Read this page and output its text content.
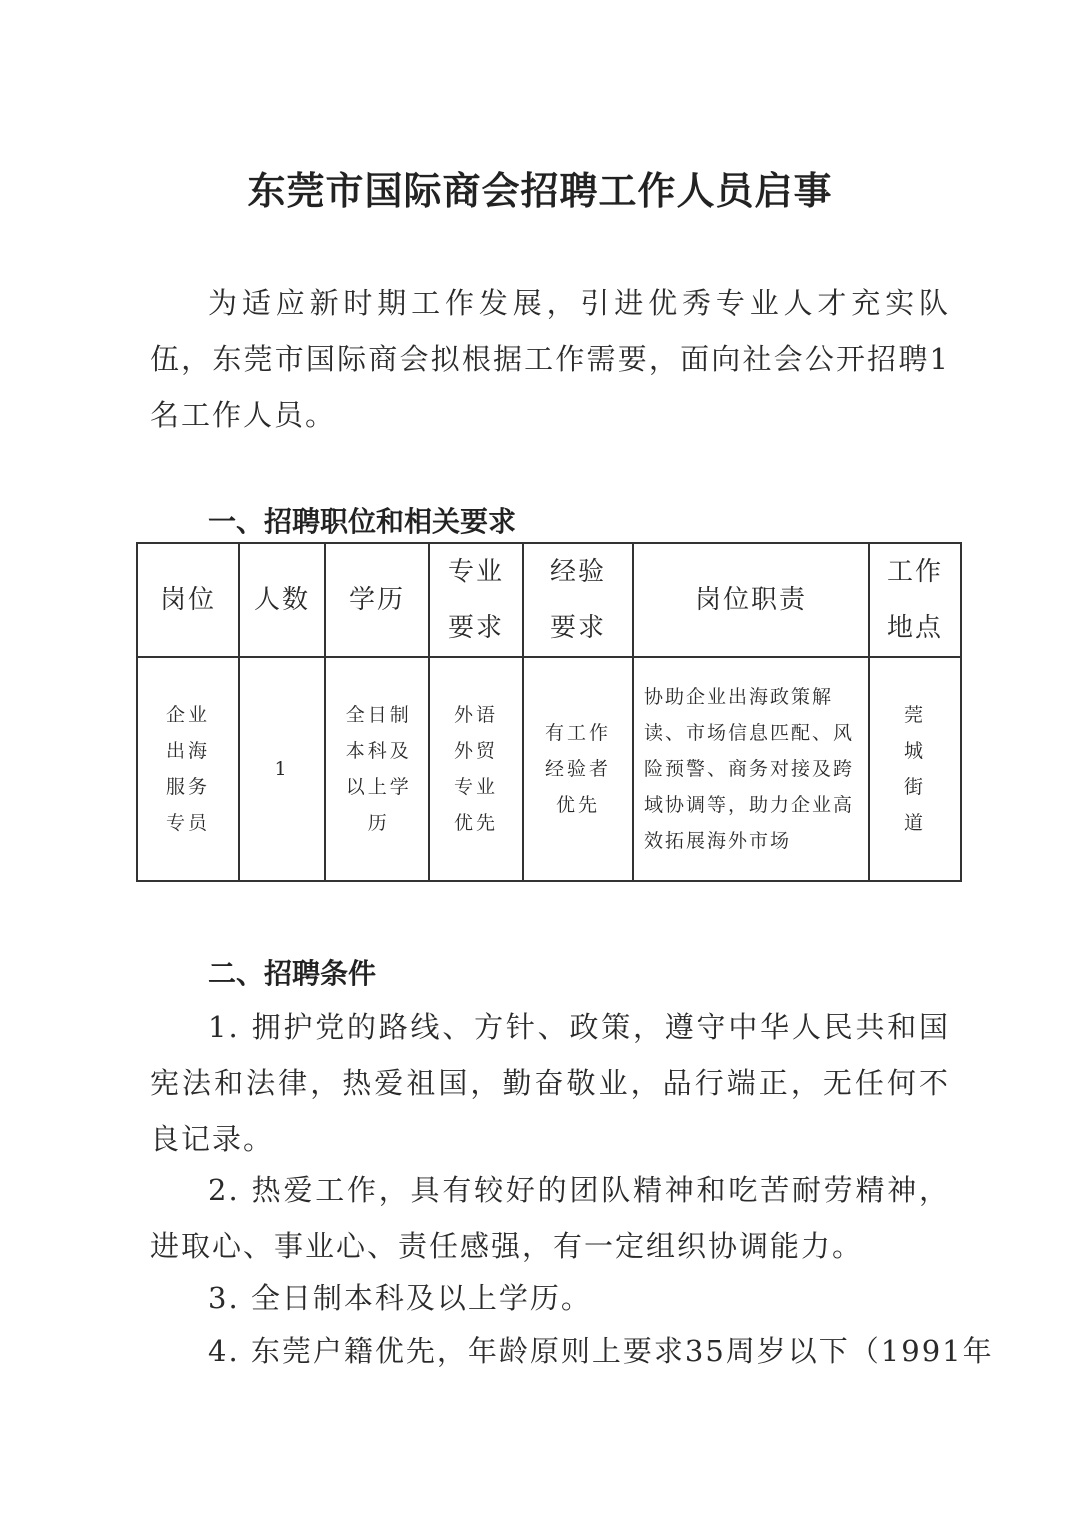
东莞市国际商会招聘工作人员启事
为适应新时期工作发展，引进优秀专业人才充实队伍，东莞市国际商会拟根据工作需要，面向社会公开招聘1名工作人员。
一、招聘职位和相关要求
岗位	人数	学历	专业要求	经验要求	岗位职责	工作地点
企业出海服务专员	1	全日制本科及以上学历	外语外贸专业优先	有工作经验者优先	协助企业出海政策解读、市场信息匹配、风险预警、商务对接及跨域协调等，助力企业高效拓展海外市场	莞城街道
二、招聘条件
1. 拥护党的路线、方针、政策，遵守中华人民共和国宪法和法律，热爱祖国，勤奋敬业，品行端正，无任何不良记录。
2. 热爱工作，具有较好的团队精神和吃苦耐劳精神，进取心、事业心、责任感强，有一定组织协调能力。
3. 全日制本科及以上学历。
4. 东莞户籍优先，年龄原则上要求35周岁以下（1991年
